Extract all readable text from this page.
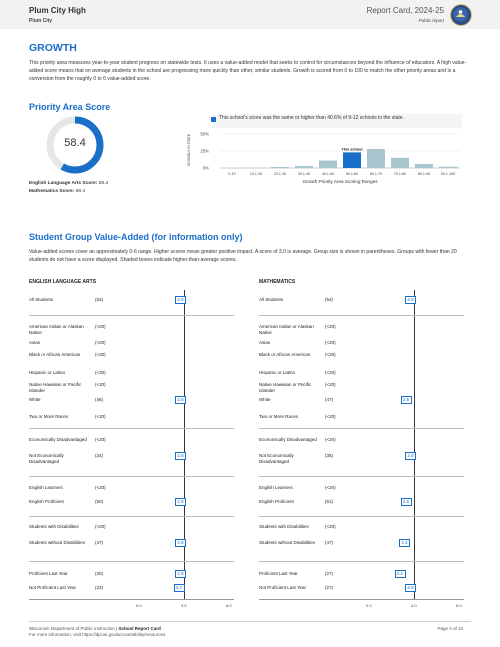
Plum City High
Plum City
Report Card, 2024-25
Public report
GROWTH
This priority area measures year-to-year student progress on statewide tests. It uses a value-added model that seeks to control for circumstances beyond the influence of educators. A high value-added score means that on average students in the school are progressing more quickly than other, similar students. Growth is scored from 0 to 100 to match the other priority areas and is a conversion from the roughly 0 to 6 value-added score.
Priority Area Score
58.4
English Language Arts Score: 58.4
Mathematics Score: 58.4
This school's score was the same or higher than 40.6% of 9-12 schools in the state.
SCHOOLS IN STATE 50%
25%
0%
0-10	10.1-20	20.1-30	30.1-40	40.1-50	50.1-60
This school
60.1-70	70.1-80	80.1-90	90.1-100
Growth Priority Area Scoring Ranges
Student Group Value-Added (for information only)
Value-added scores cover an approximately 0-6 range. Higher scores mean greater positive impact. A score of 3.0 is average. Group size is shown in parentheses. Groups with fewer than 20 students do not have a score displayed. Shaded boxes indicate higher-than-average scores.
ENGLISH LANGUAGE ARTS	MATHEMATICS
All Students	(53)	2.8
American Indian or Alaskan Native
(<20)
Asian	(<20)
Black or African American	(<20)
Hispanic or Latino	(<20)
Native Hawaiian or Pacific Islander
(<20)
White	(46)	2.8
Two or More Races	(<20)
Economically Disadvantaged	(<20)
Not Economically Disadvantaged
(34)	2.8
English Learners	(<20)
English Proficient	(50)	2.8
Students with Disabilities	(<20)
Students without Disabilities	(47)	2.8
Proficient Last Year	(30)	2.8
Not Proficient Last Year	(23)	2.7
0.0	3.0	6.0
All Students	(54)	2.8
American Indian or Alaskan Native
(<20)
Asian	(<20)
Black or African American	(<20)
Hispanic or Latino	(<20)
Native Hawaiian or Pacific Islander
(<20)
White	(47)	2.5
Two or More Races	(<20)
Economically Disadvantaged	(<20)
Not Economically Disadvantaged
(35)	2.8
English Learners	(<20)
English Proficient	(51)	2.5
Students with Disabilities	(<20)
Students without Disabilities	(47)	2.4
Proficient Last Year	(27)	2.1
Not Proficient Last Year	(27)	2.8
0.0	3.0	6.0
Wisconsin Department of Public Instruction | School Report Card
For more information, visit https://dpi.wi.gov/accountability/resources
Page 4 of 10
